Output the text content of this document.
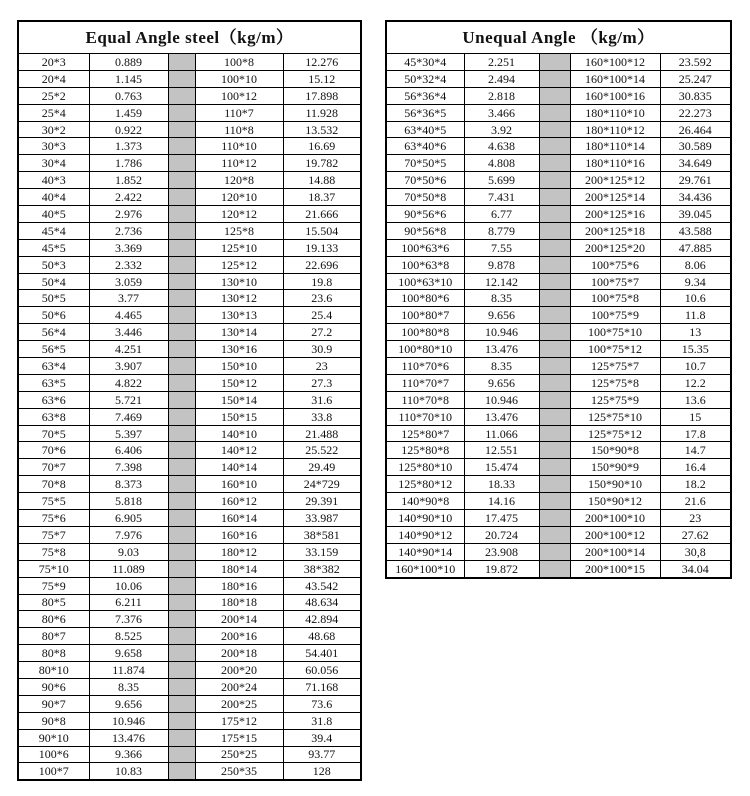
Equal Angle steel（kg/m）				
20*3	0.889		100*8	12.276
20*4	1.145		100*10	15.12
25*2	0.763		100*12	17.898
25*4	1.459		110*7	11.928
30*2	0.922		110*8	13.532
30*3	1.373		110*10	16.69
30*4	1.786		110*12	19.782
40*3	1.852		120*8	14.88
40*4	2.422		120*10	18.37
40*5	2.976		120*12	21.666
45*4	2.736		125*8	15.504
45*5	3.369		125*10	19.133
50*3	2.332		125*12	22.696
50*4	3.059		130*10	19.8
50*5	3.77		130*12	23.6
50*6	4.465		130*13	25.4
56*4	3.446		130*14	27.2
56*5	4.251		130*16	30.9
63*4	3.907		150*10	23
63*5	4.822		150*12	27.3
63*6	5.721		150*14	31.6
63*8	7.469		150*15	33.8
70*5	5.397		140*10	21.488
70*6	6.406		140*12	25.522
70*7	7.398		140*14	29.49
70*8	8.373		160*10	24*729
75*5	5.818		160*12	29.391
75*6	6.905		160*14	33.987
75*7	7.976		160*16	38*581
75*8	9.03		180*12	33.159
75*10	11.089		180*14	38*382
75*9	10.06		180*16	43.542
80*5	6.211		180*18	48.634
80*6	7.376		200*14	42.894
80*7	8.525		200*16	48.68
80*8	9.658		200*18	54.401
80*10	11.874		200*20	60.056
90*6	8.35		200*24	71.168
90*7	9.656		200*25	73.6
90*8	10.946		175*12	31.8
90*10	13.476		175*15	39.4
100*6	9.366		250*25	93.77
100*7	10.83		250*35	128
Unequal Angle （kg/m）				
45*30*4	2.251		160*100*12	23.592
50*32*4	2.494		160*100*14	25.247
56*36*4	2.818		160*100*16	30.835
56*36*5	3.466		180*110*10	22.273
63*40*5	3.92		180*110*12	26.464
63*40*6	4.638		180*110*14	30.589
70*50*5	4.808		180*110*16	34.649
70*50*6	5.699		200*125*12	29.761
70*50*8	7.431		200*125*14	34.436
90*56*6	6.77		200*125*16	39.045
90*56*8	8.779		200*125*18	43.588
100*63*6	7.55		200*125*20	47.885
100*63*8	9.878		100*75*6	8.06
100*63*10	12.142		100*75*7	9.34
100*80*6	8.35		100*75*8	10.6
100*80*7	9.656		100*75*9	11.8
100*80*8	10.946		100*75*10	13
100*80*10	13.476		100*75*12	15.35
110*70*6	8.35		125*75*7	10.7
110*70*7	9.656		125*75*8	12.2
110*70*8	10.946		125*75*9	13.6
110*70*10	13.476		125*75*10	15
125*80*7	11.066		125*75*12	17.8
125*80*8	12.551		150*90*8	14.7
125*80*10	15.474		150*90*9	16.4
125*80*12	18.33		150*90*10	18.2
140*90*8	14.16		150*90*12	21.6
140*90*10	17.475		200*100*10	23
140*90*12	20.724		200*100*12	27.62
140*90*14	23.908		200*100*14	30,8
160*100*10	19.872		200*100*15	34.04
